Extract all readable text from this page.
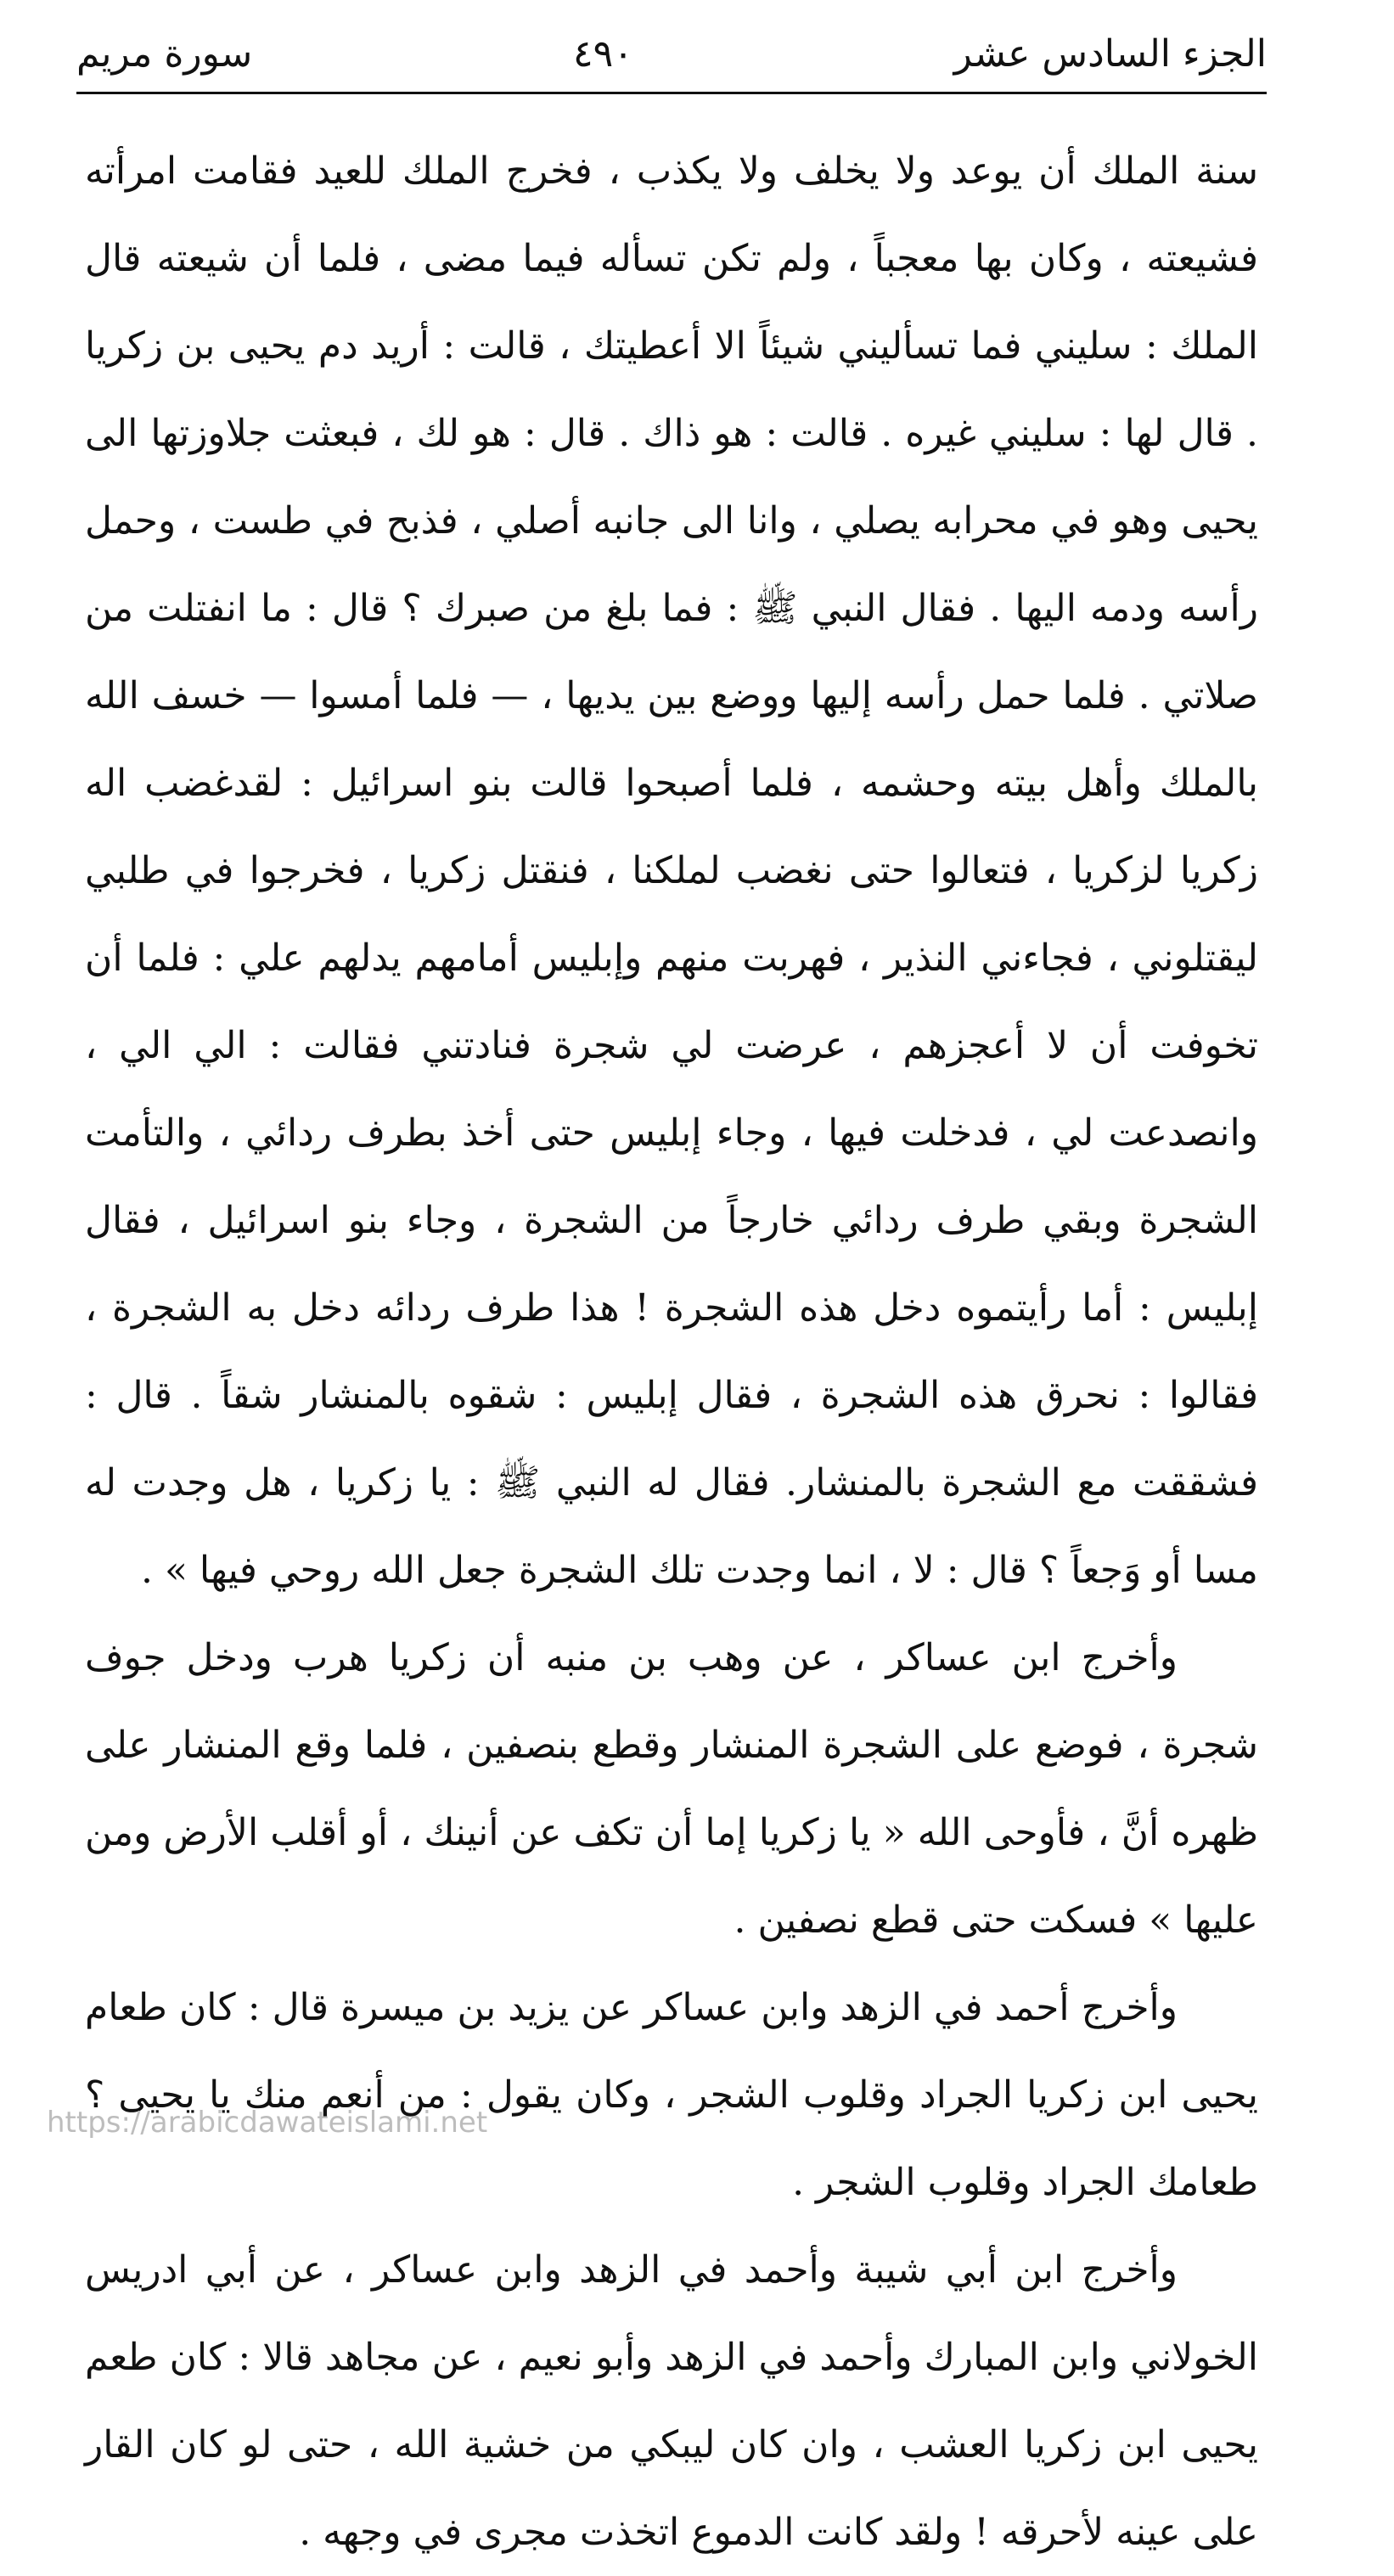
الجزء السادس عشر
٤٩٠
سورة مريم

سنة الملك أن يوعد ولا يخلف ولا يكذب ، فخرج الملك للعيد فقامت امرأته فشيعته ، وكان بها معجباً ، ولم تكن تسأله فيما مضى ، فلما أن شيعته قال الملك : سليني فما تسأليني شيئاً الا أعطيتك ، قالت : أريد دم يحيى بن زكريا . قال لها : سليني غيره . قالت : هو ذاك . قال : هو لك ، فبعثت جلاوزتها الى يحيى وهو في محرابه يصلي ، وانا الى جانبه أصلي ، فذبح في طست ، وحمل رأسه ودمه اليها . فقال النبي ﷺ : فما بلغ من صبرك ؟ قال : ما انفتلت من صلاتي . فلما حمل رأسه إليها ووضع بين يديها ، — فلما أمسوا — خسف الله بالملك وأهل بيته وحشمه ، فلما أصبحوا قالت بنو اسرائيل : لقدغضب اله زكريا لزكريا ، فتعالوا حتى نغضب لملكنا ، فنقتل زكريا ، فخرجوا في طلبي ليقتلوني ، فجاءني النذير ، فهربت منهم وإبليس أمامهم يدلهم علي : فلما أن تخوفت أن لا أعجزهم ، عرضت لي شجرة فنادتني فقالت : الي الي ، وانصدعت لي ، فدخلت فيها ، وجاء إبليس حتى أخذ بطرف ردائي ، والتأمت الشجرة وبقي طرف ردائي خارجاً من الشجرة ، وجاء بنو اسرائيل ، فقال إبليس : أما رأيتموه دخل هذه الشجرة ! هذا طرف ردائه دخل به الشجرة ، فقالوا : نحرق هذه الشجرة ، فقال إبليس : شقوه بالمنشار شقاً . قال : فشققت مع الشجرة بالمنشار. فقال له النبي ﷺ : يا زكريا ، هل وجدت له مسا أو وَجعاً ؟ قال : لا ، انما وجدت تلك الشجرة جعل الله روحي فيها » .

وأخرج ابن عساكر ، عن وهب بن منبه أن زكريا هرب ودخل جوف شجرة ، فوضع على الشجرة المنشار وقطع بنصفين ، فلما وقع المنشار على ظهره أنَّ ، فأوحى الله « يا زكريا إما أن تكف عن أنينك ، أو أقلب الأرض ومن عليها » فسكت حتى قطع نصفين .

وأخرج أحمد في الزهد وابن عساكر عن يزيد بن ميسرة قال : كان طعام يحيى ابن زكريا الجراد وقلوب الشجر ، وكان يقول : من أنعم منك يا يحيى ؟ طعامك الجراد وقلوب الشجر .

وأخرج ابن أبي شيبة وأحمد في الزهد وابن عساكر ، عن أبي ادريس الخولاني وابن المبارك وأحمد في الزهد وأبو نعيم ، عن مجاهد قالا : كان طعم يحيى ابن زكريا العشب ، وان كان ليبكي من خشية الله ، حتى لو كان القار على عينه لأحرقه ! ولقد كانت الدموع اتخذت مجرى في وجهه .

https://arabicdawateislami.net
